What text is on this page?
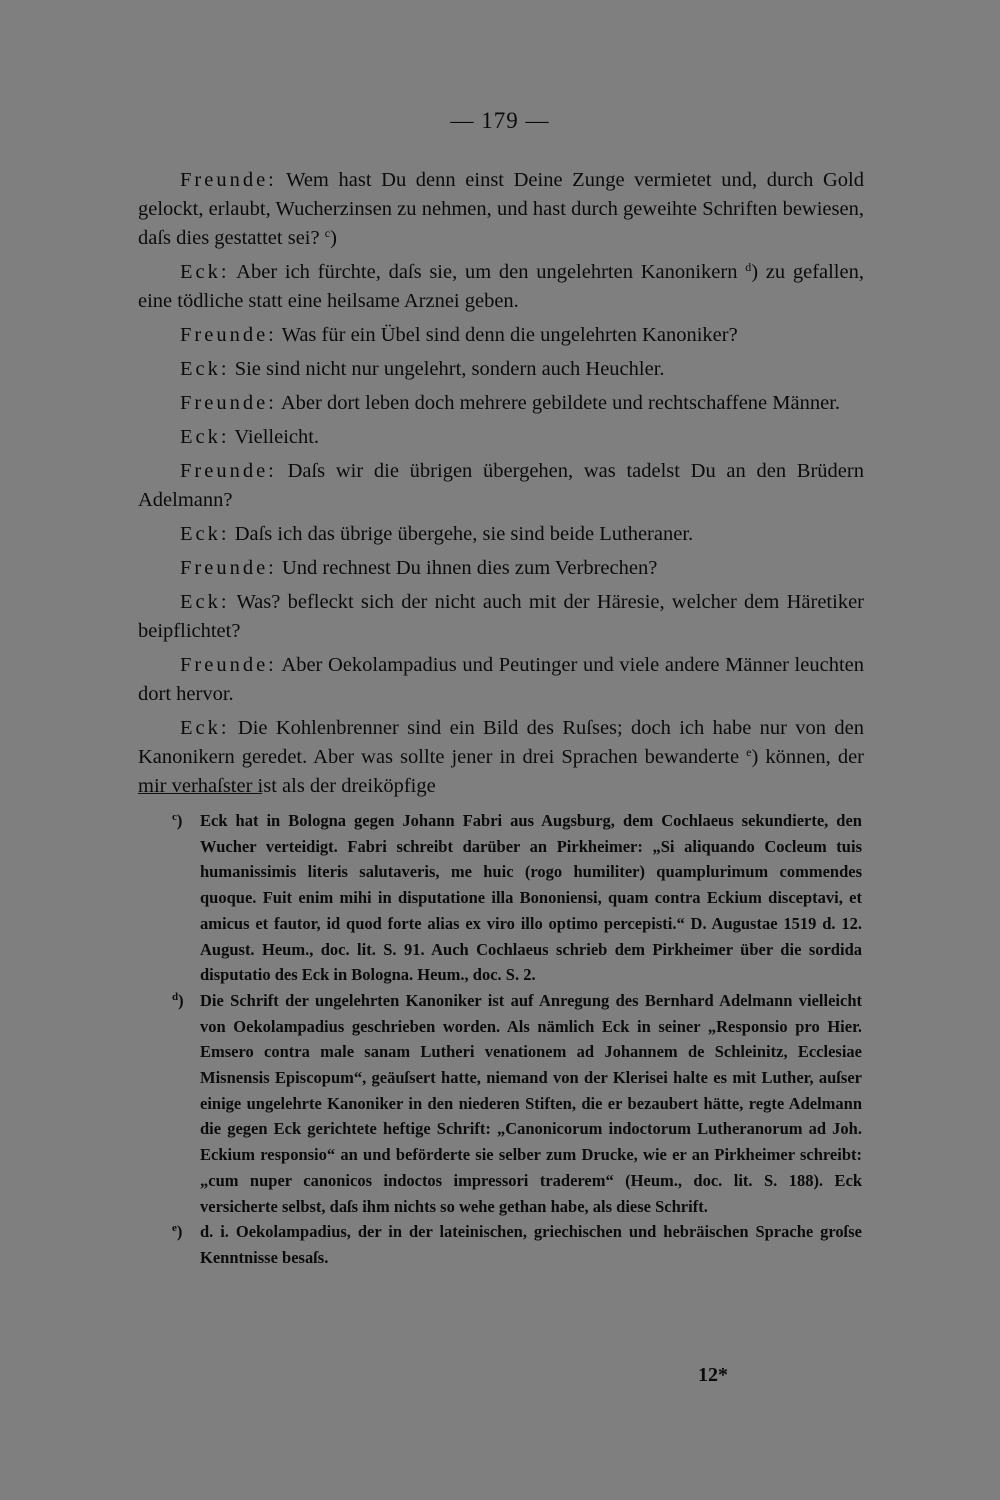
— 179 —

Freunde: Wem hast Du denn einst Deine Zunge vermietet und, durch Gold gelockt, erlaubt, Wucherzinsen zu nehmen, und hast durch geweihte Schriften bewiesen, daſs dies gestattet sei? $^c$)

Eck: Aber ich fürchte, daſs sie, um den ungelehrten Kanonikern $^d$) zu gefallen, eine tödliche statt eine heilsame Arznei geben.

Freunde: Was für ein Übel sind denn die ungelehrten Kanoniker?

Eck: Sie sind nicht nur ungelehrt, sondern auch Heuchler.

Freunde: Aber dort leben doch mehrere gebildete und rechtschaffene Männer.

Eck: Vielleicht.

Freunde: Daſs wir die übrigen übergehen, was tadelst Du an den Brüdern Adelmann?

Eck: Daſs ich das übrige übergehe, sie sind beide Lutheraner.

Freunde: Und rechnest Du ihnen dies zum Verbrechen?

Eck: Was? befleckt sich der nicht auch mit der Häresie, welcher dem Häretiker beipflichtet?

Freunde: Aber Oekolampadius und Peutinger und viele andere Männer leuchten dort hervor.

Eck: Die Kohlenbrenner sind ein Bild des Ruſses; doch ich habe nur von den Kanonikern geredet. Aber was sollte jener in drei Sprachen bewanderte $^e$) können, der mir verhaſster ist als der dreiköpfige

$^c$)	Eck hat in Bologna gegen Johann Fabri aus Augsburg, dem Cochlaeus sekundierte, den Wucher verteidigt. Fabri schreibt darüber an Pirkheimer: „Si aliquando Cocleum tuis humanissimis literis salutaveris, me huic (rogo humiliter) quamplurimum commendes quoque. Fuit enim mihi in disputatione illa Bononiensi, quam contra Eckium disceptavi, et amicus et fautor, id quod forte alias ex viro illo optimo percepisti.“ D. Augustae 1519 d. 12. August. Heum., doc. lit. S. 91. Auch Cochlaeus schrieb dem Pirkheimer über die sordida disputatio des Eck in Bologna. Heum., doc. S. 2.
$^d$) Die Schrift der ungelehrten Kanoniker ist auf Anregung des Bernhard Adelmann vielleicht von Oekolampadius geschrieben worden. Als nämlich Eck in seiner „Responsio pro Hier. Emsero contra male sanam Lutheri venationem ad Johannem de Schleinitz, Ecclesiae Misnensis Episcopum“, geäuſsert hatte, niemand von der Klerisei halte es mit Luther, auſser einige ungelehrte Kanoniker in den niederen Stiften, die er bezaubert hätte, regte Adelmann die gegen Eck gerichtete heftige Schrift: „Canonicorum indoctorum Lutheranorum ad Joh. Eckium responsio“ an und beförderte sie selber zum Drucke, wie er an Pirkheimer schreibt: „cum nuper canonicos indoctos impressori traderem“ (Heum., doc. lit. S. 188). Eck versicherte selbst, daſs ihm nichts so wehe gethan habe, als diese Schrift.
$^e$)	d. i. Oekolampadius, der in der lateinischen, griechischen und hebräischen Sprache groſse Kenntnisse besaſs.
12*
